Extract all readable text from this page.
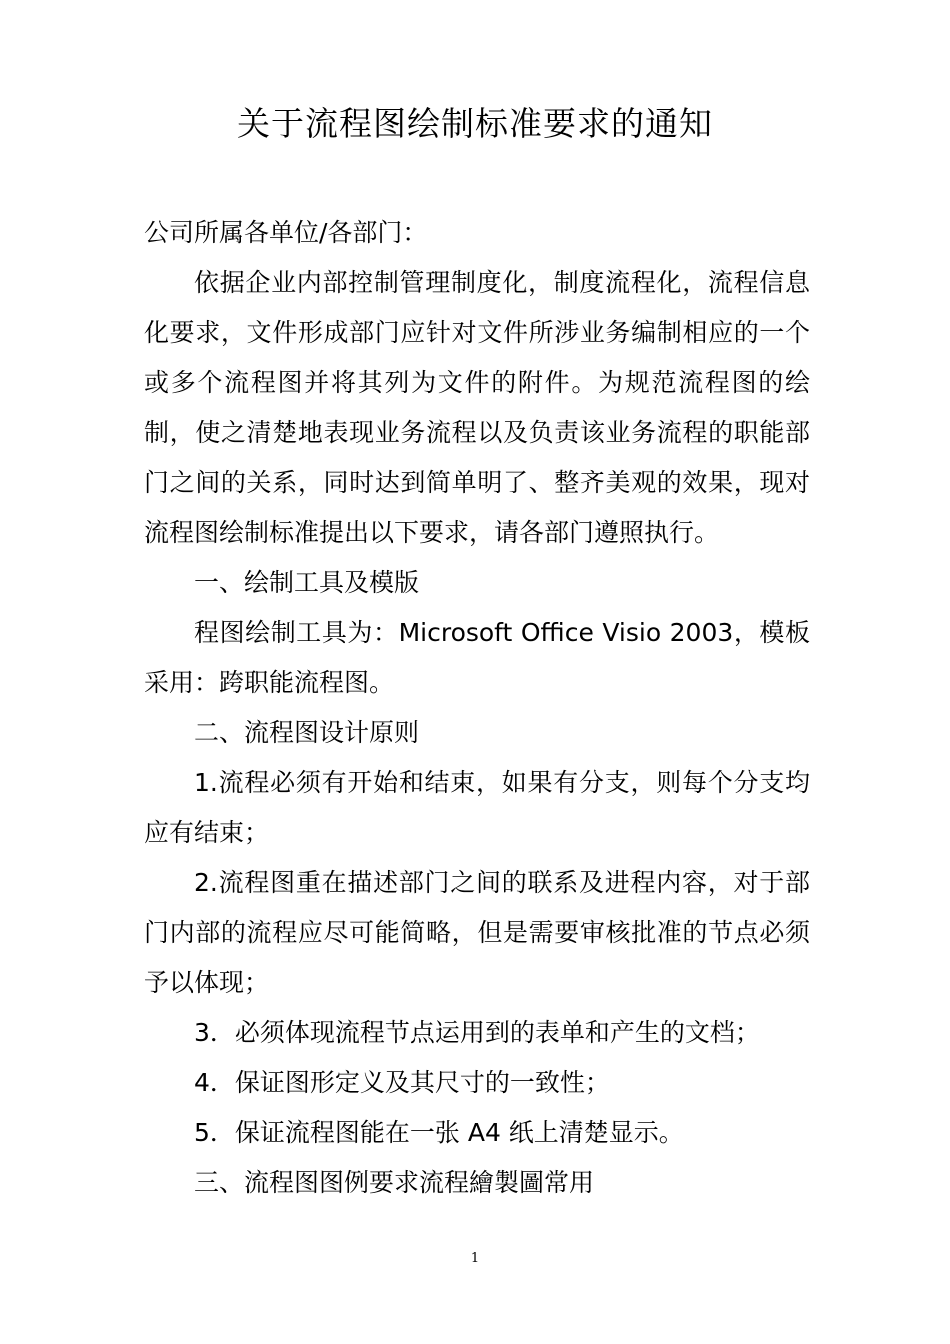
关于流程图绘制标准要求的通知

公司所属各单位/各部门：

依据企业内部控制管理制度化，制度流程化，流程信息化要求，文件形成部门应针对文件所涉业务编制相应的一个或多个流程图并将其列为文件的附件。为规范流程图的绘制，使之清楚地表现业务流程以及负责该业务流程的职能部门之间的关系，同时达到简单明了、整齐美观的效果，现对流程图绘制标准提出以下要求，请各部门遵照执行。

一、绘制工具及模版

程图绘制工具为：Microsoft Office Visio 2003，模板采用：跨职能流程图。

二、流程图设计原则

1.流程必须有开始和结束，如果有分支，则每个分支均应有结束；

2.流程图重在描述部门之间的联系及进程内容，对于部门内部的流程应尽可能简略，但是需要审核批准的节点必须予以体现；

3．必须体现流程节点运用到的表单和产生的文档；

4．保证图形定义及其尺寸的一致性；

5．保证流程图能在一张 A4 纸上清楚显示。

三、流程图图例要求流程繪製圖常用

1
